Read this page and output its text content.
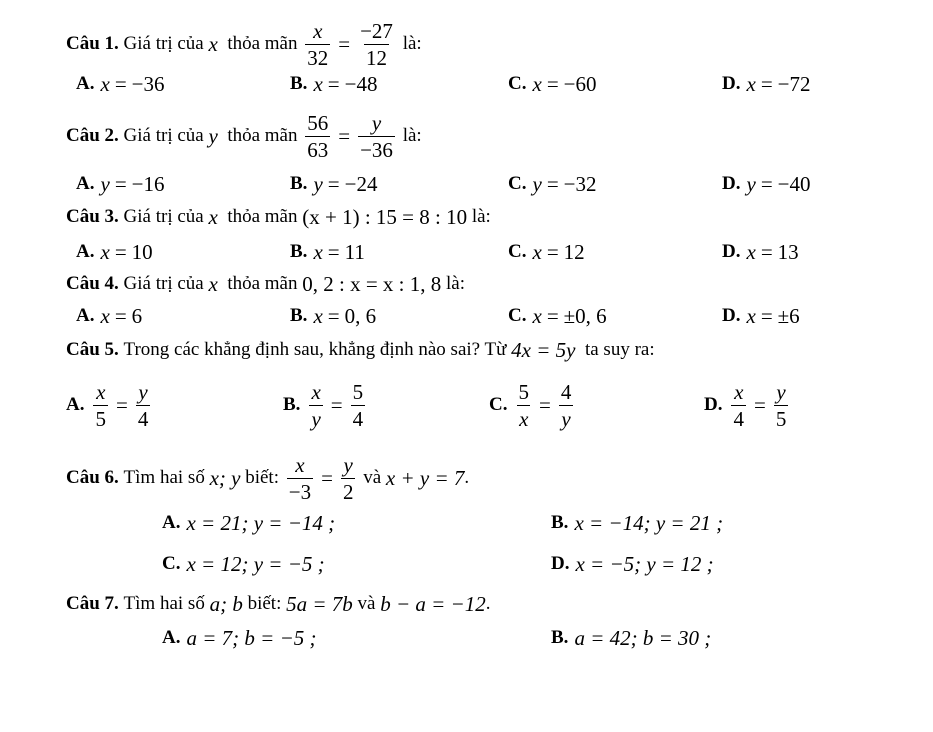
Câu 1.
Giá trị của
x
thỏa mãn
$\frac{x}{32} = \frac{-27}{12}$
là:
A. x = −36	B. x = −48	C. x = −60	D. x = −72
Câu 2.
Giá trị của
y
thỏa mãn
$\frac{56}{63} = \frac{y}{-36}$
là:
A. y = −16	B. y = −24	C. y = −32	D. y = −40
Câu 3.
Giá trị của
x
thỏa mãn
(x + 1) : 15 = 8 : 10
là:
A. x = 10	B. x = 11	C. x = 12	D. x = 13
Câu 4.
Giá trị của
x
thỏa mãn
0, 2 : x = x : 1, 8
là:
A. x = 6	B. x = 0, 6	C. x = ±0, 6	D. x = ±6
Câu 5.
Trong các khẳng định sau, khẳng định nào sai? Từ
4x = 5y
ta suy ra:
A. $\frac{x}{5} = \frac{y}{4}$	B. $\frac{x}{y} = \frac{5}{4}$	C. $\frac{5}{x} = \frac{4}{y}$	D. $\frac{x}{4} = \frac{y}{5}$
Câu 6.
Tìm hai số
x; y
biết:
$\frac{x}{-3} = \frac{y}{2}$
và
x + y = 7 .
A. x = 21; y = −14 ;	B. x = −14; y = 21 ;
C. x = 12; y = −5 ;	D. x = −5; y = 12 ;
Câu 7.
Tìm hai số
a; b
biết:
5a = 7b
và
b − a = −12 .
A. a = 7; b = −5 ;	B. a = 42; b = 30 ;
